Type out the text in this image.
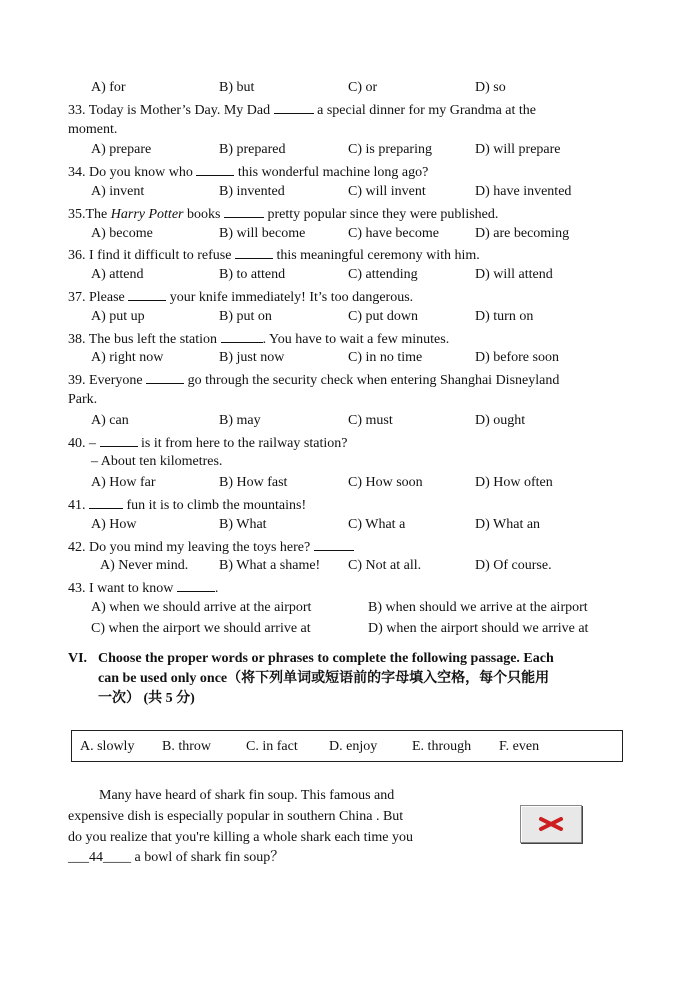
A) for	B) but	C) or	D) so
33. Today is Mother’s Day. My Dad	a special dinner for my Grandma at the
moment.
A) prepare	B) prepared	C) is preparing	D) will prepare
34. Do you know who	this wonderful machine long ago?
A) invent	B) invented	C) will invent	D) have invented
35.The Harry Potter books	pretty popular since they were published.
A) become	B) will become	C) have become	D) are becoming
36. I find it difficult to refuse	this meaningful ceremony with him.
A) attend	B) to attend	C) attending	D) will attend
37. Please	your knife immediately! It’s too dangerous.
A) put up	B) put on	C) put down	D) turn on
38. The bus left the station	. You have to wait a few minutes.
A) right now	B) just now	C) in no time	D) before soon
39. Everyone	go through the security check when entering Shanghai Disneyland
Park.
A) can	B) may	C) must	D) ought
40. –	is it from here to the railway station?
– About ten kilometres.
A) How far	B) How fast	C) How soon	D) How often
41.	fun it is to climb the mountains!
A) How	B) What	C) What a	D) What an
42. Do you mind my leaving the toys here?
A) Never mind. B) What a shame! C) Not at all.	D) Of course.
43. I want to know	.
A) when we should arrive at the airport	B) when should we arrive at the airport
C) when the airport we should arrive at	D) when the airport should we arrive at
VI. Choose the proper words or phrases to complete the following passage. Each
can be used only once（将下列单词或短语前的字母填入空格，每个只能用
一次） (共 5 分)
A. slowly B. throw	C. in fact D. enjoy E. through F. even
Many have heard of shark fin soup. This famous and
expensive dish is especially popular in southern China . But
do you realize that you're killing a whole shark each time you
___44____ a bowl of shark fin soup？
